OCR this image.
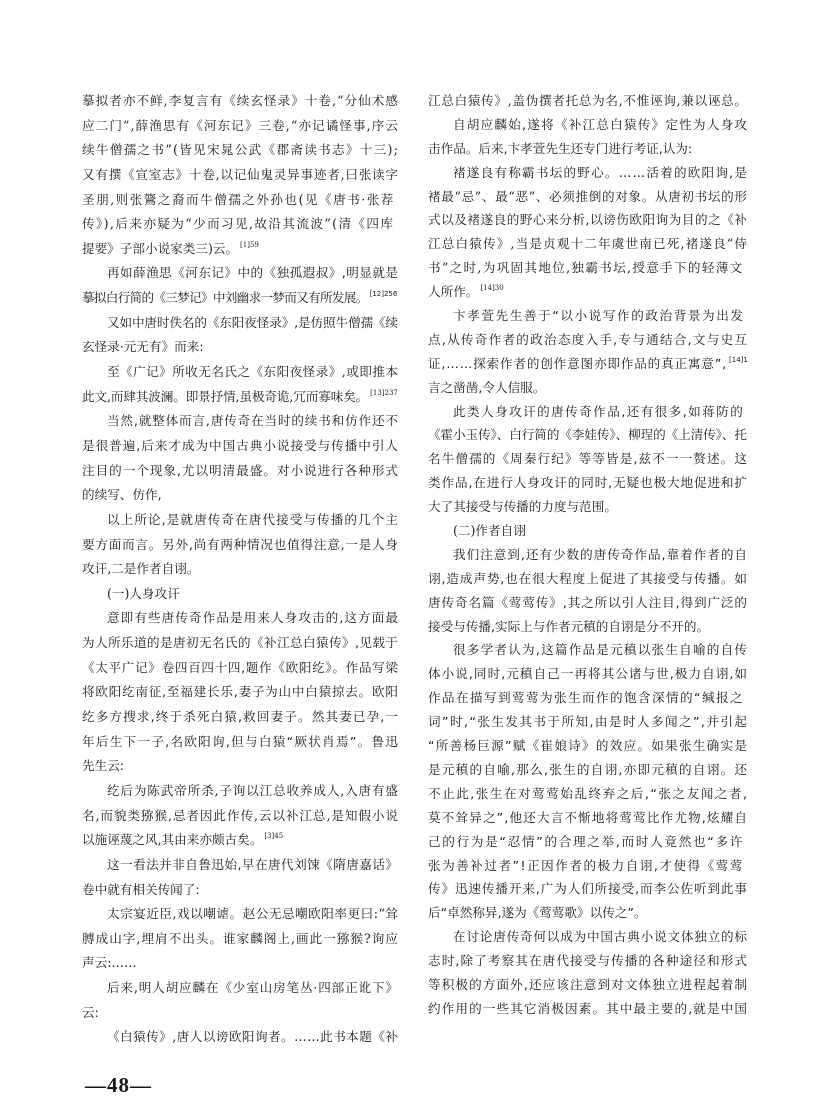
摹拟者亦不鲜,李复言有《续玄怪录》十卷,“分仙术感
应二门”,薛渔思有《河东记》三卷,“亦记谲怪事,序云
续牛僧孺之书”(皆见宋晁公武《郡斋读书志》十三);
又有撰《宣室志》十卷,以记仙鬼灵异事迹者,曰张读字
圣朋,则张鷟之裔而牛僧孺之外孙也(见《唐书·张荐
传》),后来亦疑为“少而习见,故沿其流波”(清《四库
提要》子部小说家类三)云。 $^{[1]59}$
再如薛渔思《河东记》中的《独孤遐叔》,明显就是
摹拟白行简的《三梦记》中刘幽求一梦而又有所发展。 $^{[12]256}$
又如中唐时佚名的《东阳夜怪录》,是仿照牛僧孺《续
玄怪录·元无有》而来:
至《广记》所收无名氏之《东阳夜怪录》,或即推本
此文,而肆其波澜。即景抒情,虽极奇诡,冗而寡味矣。 $^{[13]237}$
当然,就整体而言,唐传奇在当时的续书和仿作还不
是很普遍,后来才成为中国古典小说接受与传播中引人
注目的一个现象,尤以明清最盛。对小说进行各种形式
的续写、仿作,
以上所论,是就唐传奇在唐代接受与传播的几个主
要方面而言。另外,尚有两种情况也值得注意,一是人身
攻讦,二是作者自诩。
(一)人身攻讦
意即有些唐传奇作品是用来人身攻击的,这方面最
为人所乐道的是唐初无名氏的《补江总白猿传》,见载于
《太平广记》卷四百四十四,题作《欧阳纥》。作品写梁
将欧阳纥南征,至福建长乐,妻子为山中白猿掠去。欧阳
纥多方搜求,终于杀死白猿,救回妻子。然其妻已孕,一
年后生下一子,名欧阳询,但与白猿“厥状肖焉”。鲁迅
先生云:
纥后为陈武帝所杀,子询以江总收养成人,入唐有盛
名,而貌类猕猴,忌者因此作传,云以补江总,是知假小说
以施诬蔑之风,其由来亦颇古矣。 $^{[3]45}$
这一看法并非自鲁迅始,早在唐代刘𫗧《隋唐嘉话》
卷中就有相关传闻了:
太宗宴近臣,戏以嘲谑。赵公无忌嘲欧阳率更曰:“耸
膊成山字,埋肩不出头。谁家麟阁上,画此一猕猴?询应
声云:……
后来,明人胡应麟在《少室山房笔丛·四部正讹下》
云:
《白猿传》,唐人以谤欧阳询者。……此书本题《补
江总白猿传》,盖伪撰者托总为名,不惟诬询,兼以诬总。
自胡应麟始,遂将《补江总白猿传》定性为人身攻
击作品。后来,卞孝萱先生还专门进行考证,认为:
褚遂良有称霸书坛的野心。……活着的欧阳询,是
褚最“忌”、最“恶”、必须推倒的对象。从唐初书坛的形
式以及褚遂良的野心来分析,以谤伤欧阳询为目的之《补
江总白猿传》,当是贞观十二年虞世南已死,褚遂良“侍
书”之时,为巩固其地位,独霸书坛,授意手下的轻薄文
人所作。 $^{[14]30}$
卞孝萱先生善于“以小说写作的政治背景为出发
点,从传奇作者的政治态度入手,专与通结合,文与史互
证,……探索作者的创作意图亦即作品的真正寓意”, $^{[14]1}$
言之凿凿,令人信服。
此类人身攻讦的唐传奇作品,还有很多,如蒋防的
《霍小玉传》、白行简的《李娃传》、柳珵的《上清传》、托
名牛僧孺的《周秦行纪》等等皆是,兹不一一赘述。这
类作品,在进行人身攻讦的同时,无疑也极大地促进和扩
大了其接受与传播的力度与范围。
(二)作者自诩
我们注意到,还有少数的唐传奇作品,靠着作者的自
诩,造成声势,也在很大程度上促进了其接受与传播。如
唐传奇名篇《莺莺传》,其之所以引人注目,得到广泛的
接受与传播,实际上与作者元稹的自诩是分不开的。
很多学者认为,这篇作品是元稹以张生自喻的自传
体小说,同时,元稹自己一再将其公诸与世,极力自诩,如
作品在描写到莺莺为张生而作的饱含深情的“缄报之
词”时,“张生发其书于所知,由是时人多闻之”,并引起
“所善杨巨源”赋《崔娘诗》的效应。如果张生确实是
是元稹的自喻,那么,张生的自诩,亦即元稹的自诩。还
不止此,张生在对莺莺始乱终弃之后,“张之友闻之者,
莫不耸异之”,他还大言不惭地将莺莺比作尤物,炫耀自
己的行为是“忍情”的合理之举,而时人竟然也“多许
张为善补过者”!正因作者的极力自诩,才使得《莺莺
传》迅速传播开来,广为人们所接受,而李公佐听到此事
后“卓然称异,遂为《莺莺歌》以传之”。
在讨论唐传奇何以成为中国古典小说文体独立的标
志时,除了考察其在唐代接受与传播的各种途径和形式
等积极的方面外,还应该注意到对文体独立进程起着制
约作用的一些其它消极因素。其中最主要的,就是中国
—48—
